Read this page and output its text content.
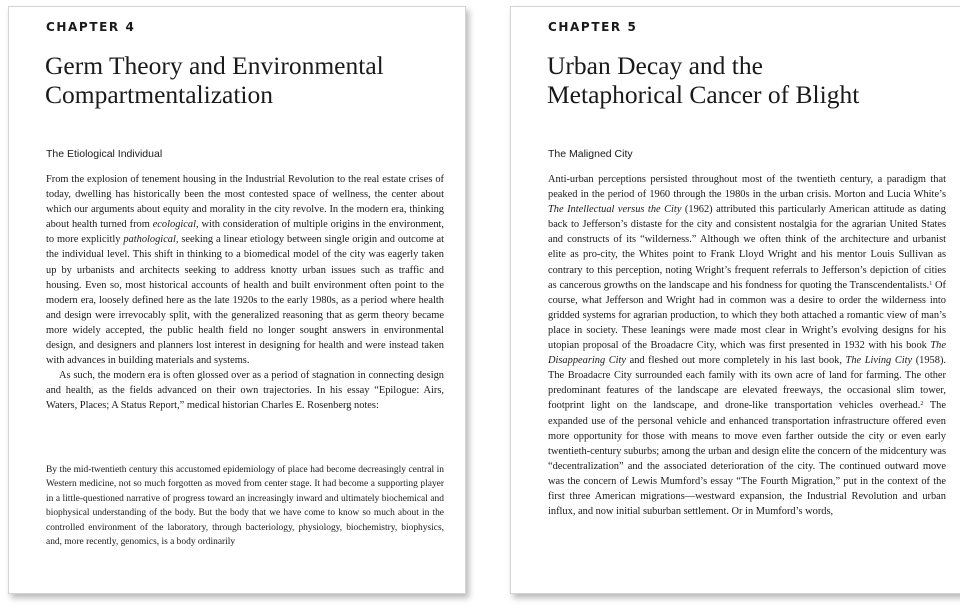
CHAPTER 4
Germ Theory and Environmental
Compartmentalization
The Etiological Individual

From the explosion of tenement housing in the Industrial Revolution to the real estate crises of today, dwelling has historically been the most contested space of wellness, the center about which our arguments about equity and morality in the city revolve. In the modern era, thinking about health turned from ecological, with consideration of multiple origins in the environment, to more explicitly pathological, seeking a linear etiology between single origin and outcome at the individual level. This shift in thinking to a biomedical model of the city was eagerly taken up by urbanists and architects seeking to address knotty urban issues such as traffic and housing. Even so, most historical accounts of health and built environment often point to the modern era, loosely defined here as the late 1920s to the early 1980s, as a period where health and design were irrevocably split, with the generalized reasoning that as germ theory became more widely accepted, the public health field no longer sought answers in environmental design, and designers and planners lost interest in designing for health and were instead taken with advances in building materials and systems.

As such, the modern era is often glossed over as a period of stagnation in connecting design and health, as the fields advanced on their own trajectories. In his essay “Epilogue: Airs, Waters, Places; A Status Report,” medical historian Charles E. Rosenberg notes:

By the mid-twentieth century this accustomed epidemiology of place had become decreasingly central in Western medicine, not so much forgotten as moved from center stage. It had become a supporting player in a little-questioned narrative of progress toward an increasingly inward and ultimately biochemical and biophysical understanding of the body. But the body that we have come to know so much about in the controlled environment of the laboratory, through bacteriology, physiology, biochemistry, biophysics, and, more recently, genomics, is a body ordinarily
CHAPTER 5
Urban Decay and the
Metaphorical Cancer of Blight
The Maligned City

Anti-urban perceptions persisted throughout most of the twentieth century, a paradigm that peaked in the period of 1960 through the 1980s in the urban crisis. Morton and Lucia White’s The Intellectual versus the City (1962) attributed this particularly American attitude as dating back to Jefferson’s distaste for the city and consistent nostalgia for the agrarian United States and constructs of its “wilderness.” Although we often think of the architecture and urbanist elite as pro-city, the Whites point to Frank Lloyd Wright and his mentor Louis Sullivan as contrary to this perception, noting Wright’s frequent referrals to Jefferson’s depiction of cities as cancerous growths on the landscape and his fondness for quoting the Transcendentalists.$^1$ Of course, what Jefferson and Wright had in common was a desire to order the wilderness into gridded systems for agrarian production, to which they both attached a romantic view of man’s place in society. These leanings were made most clear in Wright’s evolving designs for his utopian proposal of the Broadacre City, which was first presented in 1932 with his book The Disappearing City and fleshed out more completely in his last book, The Living City (1958). The Broadacre City surrounded each family with its own acre of land for farming. The other predominant features of the landscape are elevated freeways, the occasional slim tower, footprint light on the landscape, and drone-like transportation vehicles overhead.$^2$ The expanded use of the personal vehicle and enhanced transportation infrastructure offered even more opportunity for those with means to move even farther outside the city or even early twentieth-century suburbs; among the urban and design elite the concern of the midcentury was “decentralization” and the associated deterioration of the city. The continued outward move was the concern of Lewis Mumford’s essay “The Fourth Migration,” put in the context of the first three American migrations—westward expansion, the Industrial Revolution and urban influx, and now initial suburban settlement. Or in Mumford’s words,
